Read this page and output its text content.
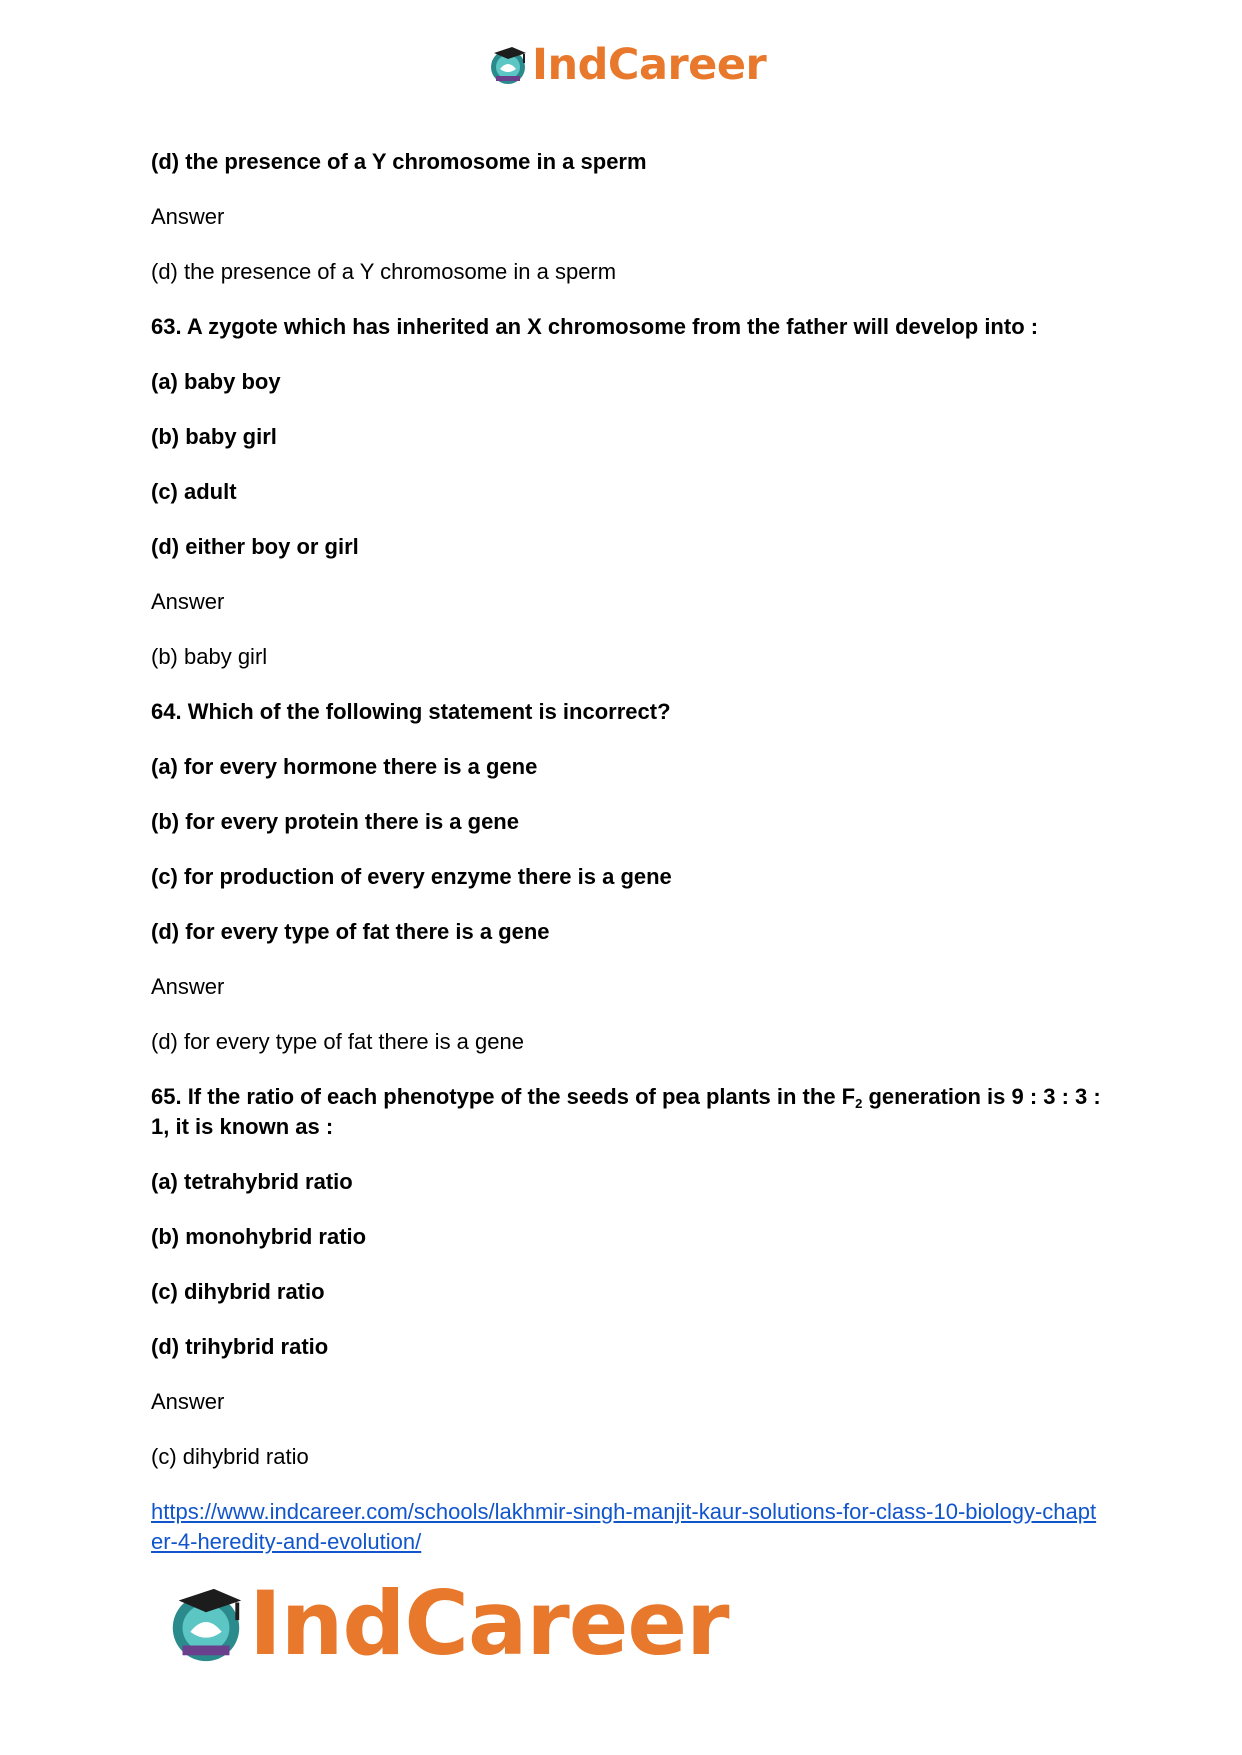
IndCareer

(d) the presence of a Y chromosome in a sperm

Answer

(d) the presence of a Y chromosome in a sperm

63. A zygote which has inherited an X chromosome from the father will develop into :

(a) baby boy

(b) baby girl

(c) adult

(d) either boy or girl

Answer

(b) baby girl

64. Which of the following statement is incorrect?

(a) for every hormone there is a gene

(b) for every protein there is a gene

(c) for production of every enzyme there is a gene

(d) for every type of fat there is a gene

Answer

(d) for every type of fat there is a gene

65. If the ratio of each phenotype of the seeds of pea plants in the $F_2$ generation is 9 : 3 : 3 : 1, it is known as :

(a) tetrahybrid ratio

(b) monohybrid ratio

(c) dihybrid ratio

(d) trihybrid ratio

Answer

(c) dihybrid ratio

https://www.indcareer.com/schools/lakhmir-singh-manjit-kaur-solutions-for-class-10-biology-chapter-4-heredity-and-evolution/
IndCareer
